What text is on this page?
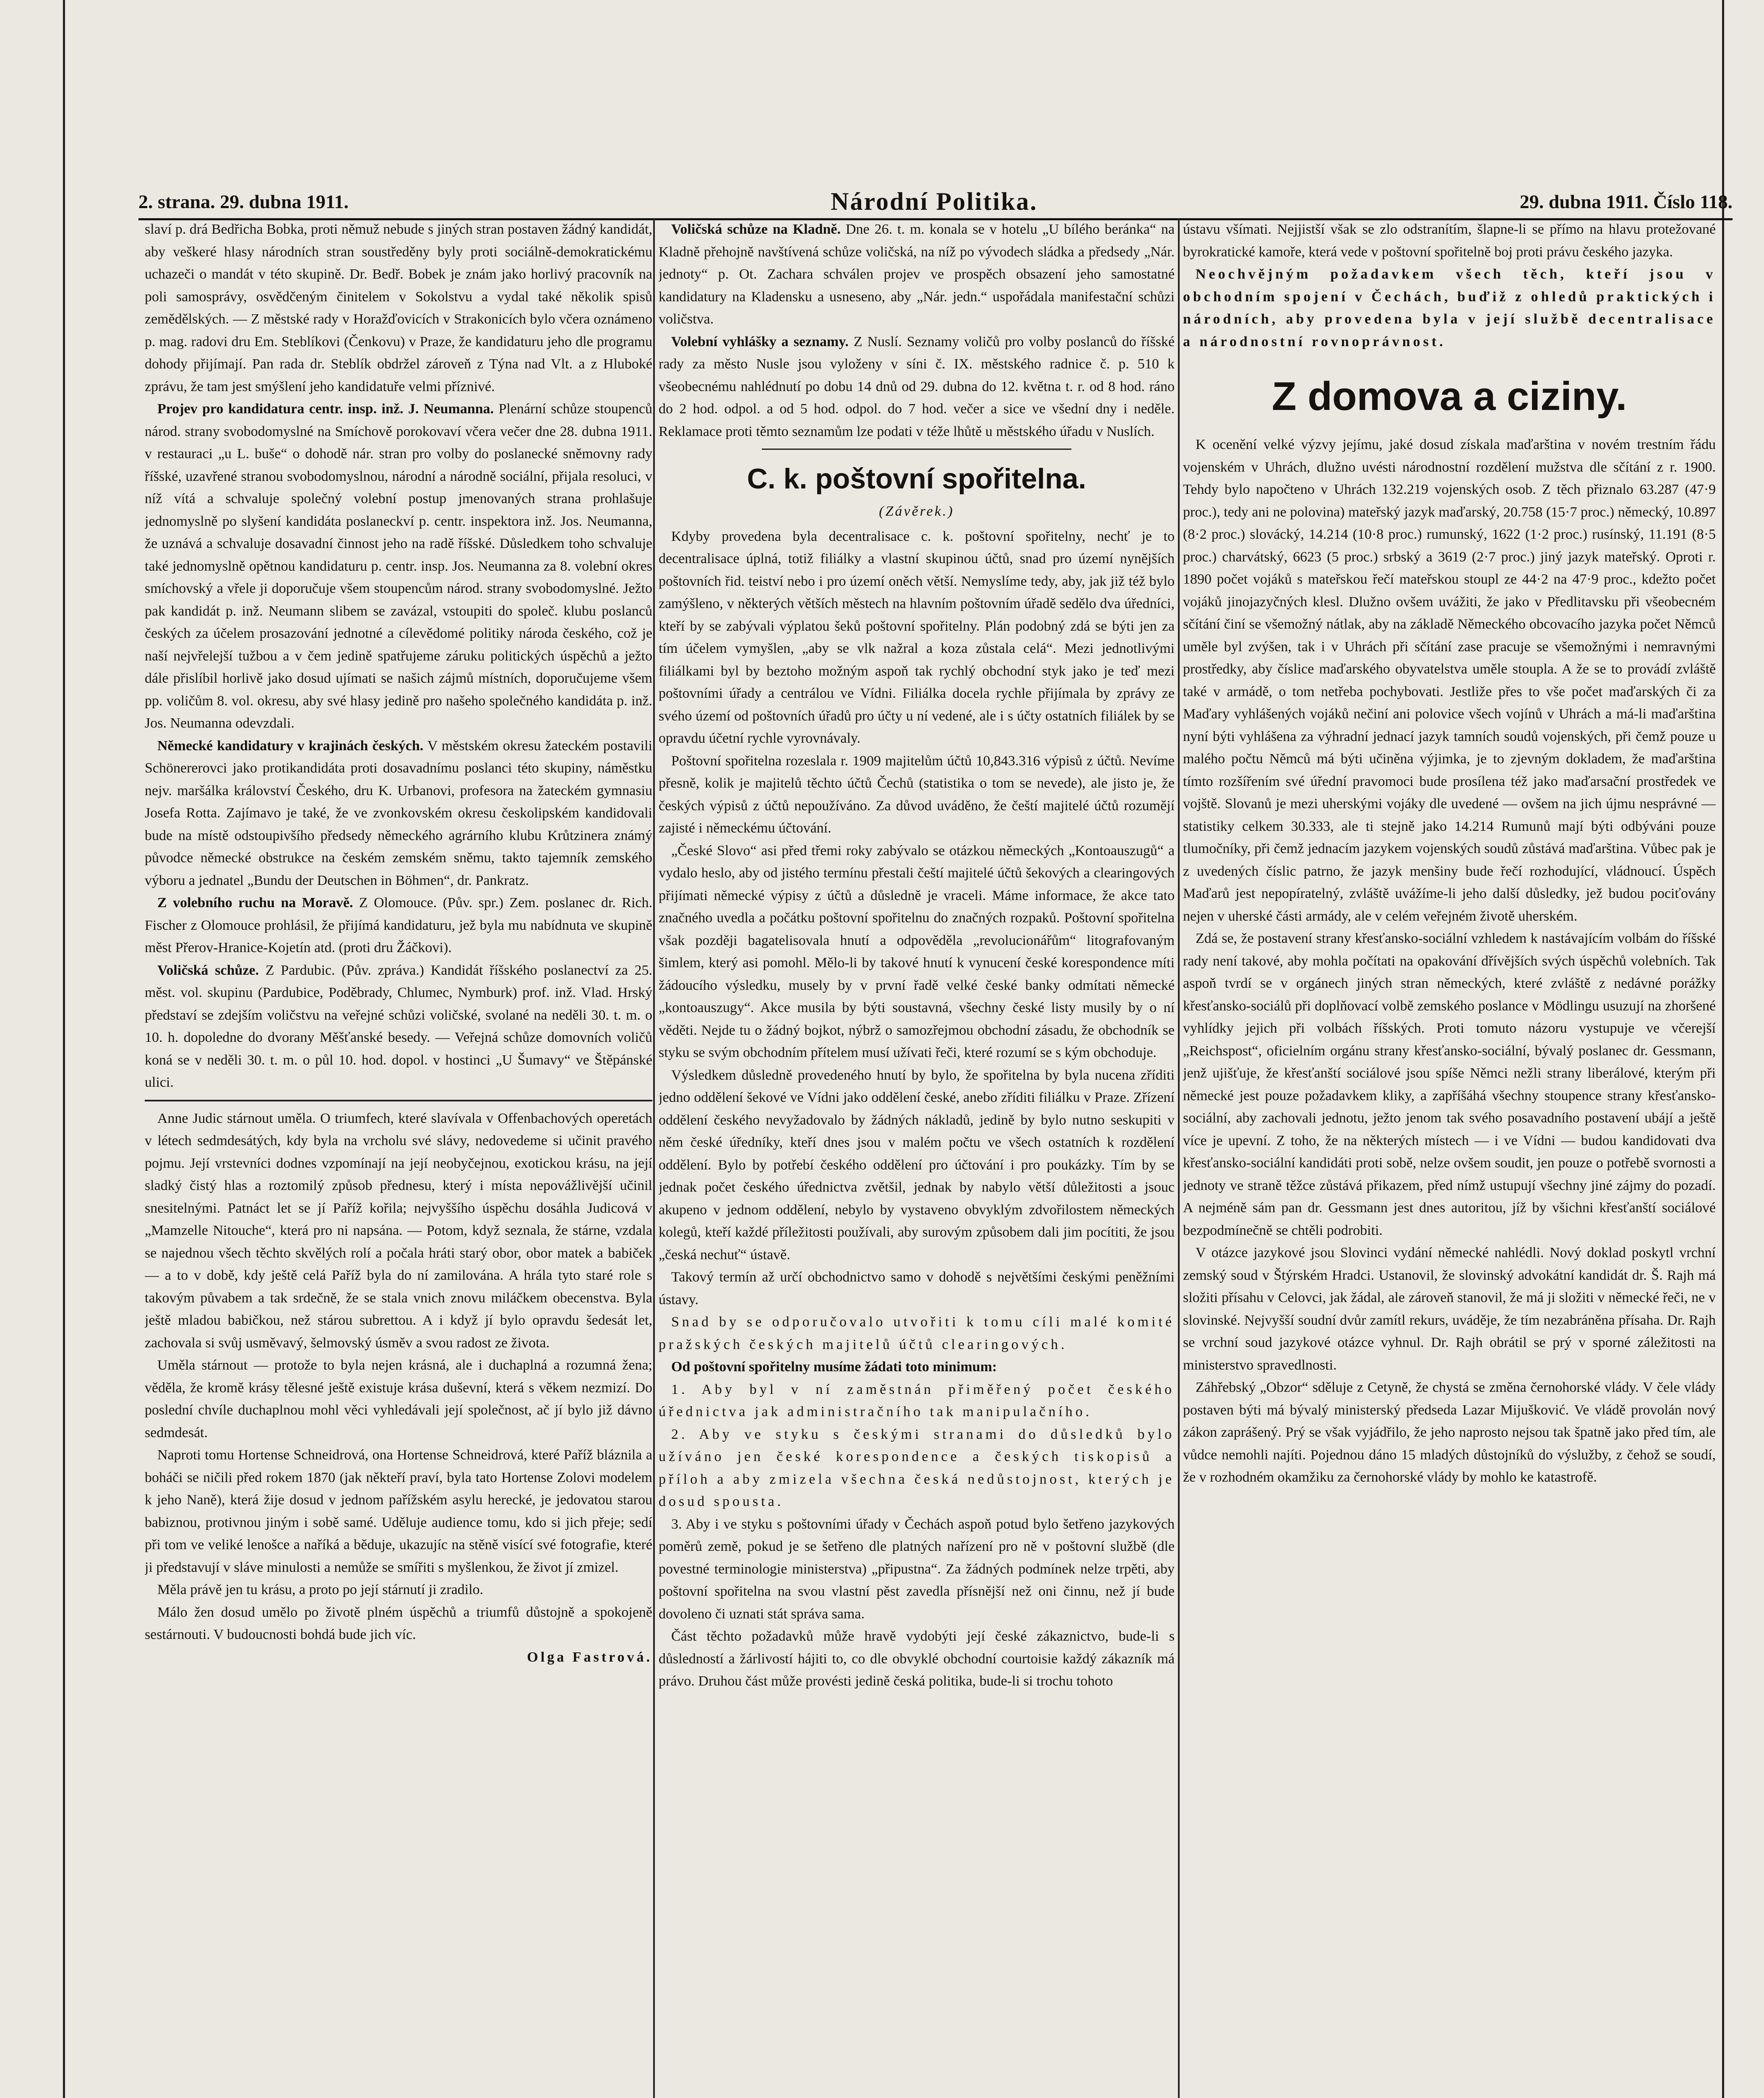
2. strana. 29. dubna 1911.	Národní Politika.	29. dubna 1911. Číslo 118.

slaví p. drá Bedřicha Bobka, proti němuž nebude s jiných stran postaven žádný kandidát, aby veškeré hlasy národních stran soustředěny byly proti sociálně-demokratickému uchazeči o mandát v této skupině. Dr. Bedř. Bobek je znám jako horlivý pracovník na poli samosprávy, osvědčeným činitelem v Sokolstvu a vydal také několik spisů zemědělských. — Z městské rady v Horažďovicích v Strakonicích bylo včera oznámeno p. mag. radovi dru Em. Steblíkovi (Čenkovu) v Praze, že kandidaturu jeho dle programu dohody přijímají. Pan rada dr. Steblík obdržel zároveň z Týna nad Vlt. a z Hluboké zprávu, že tam jest smýšlení jeho kandidatuře velmi příznivé.

Projev pro kandidatura centr. insp. inž. J. Neumanna. Plenární schůze stoupenců národ. strany svobodomyslné na Smíchově porokovaví včera večer dne 28. dubna 1911. v restauraci „u L. buše“ o dohodě nár. stran pro volby do poslanecké sněmovny rady říšské, uzavřené stranou svobodomyslnou, národní a národně sociální, přijala resoluci, v níž vítá a schvaluje společný volební postup jmenovaných strana prohlašuje jednomyslně po slyšení kandidáta poslaneckví p. centr. inspektora inž. Jos. Neumanna, že uznává a schvaluje dosavadní činnost jeho na radě říšské. Důsledkem toho schvaluje také jednomyslně opětnou kandidaturu p. centr. insp. Jos. Neumanna za 8. volební okres smíchovský a vřele ji doporučuje všem stoupencům národ. strany svobodomyslné. Ježto pak kandidát p. inž. Neumann slibem se zavázal, vstoupiti do společ. klubu poslanců českých za účelem prosazování jednotné a cílevědomé politiky národa českého, což je naší nejvřelejší tužbou a v čem jedině spatřujeme záruku politických úspěchů a ježto dále přislíbil horlivě jako dosud ujímati se našich zájmů místních, doporučujeme všem pp. voličům 8. vol. okresu, aby své hlasy jedině pro našeho společného kandidáta p. inž. Jos. Neumanna odevzdali.

Německé kandidatury v krajinách českých. V městském okresu žateckém postavili Schönererovci jako protikandidáta proti dosavadnímu poslanci této skupiny, náměstku nejv. maršálka království Českého, dru K. Urbanovi, profesora na žateckém gymnasiu Josefa Rotta. Zajímavo je také, že ve zvonkovském okresu českolipském kandidovali bude na místě odstoupivšího předsedy německého agrárního klubu Krůtzinera známý původce německé obstrukce na českém zemském sněmu, takto tajemník zemského výboru a jednatel „Bundu der Deutschen in Böhmen“, dr. Pankratz.

Z volebního ruchu na Moravě. Z Olomouce. (Pův. spr.) Zem. poslanec dr. Rich. Fischer z Olomouce prohlásil, že přijímá kandidaturu, jež byla mu nabídnuta ve skupině měst Přerov-Hranice-Kojetín atd. (proti dru Žáčkovi).

Voličská schůze. Z Pardubic. (Pův. zpráva.) Kandidát říšského poslanectví za 25. měst. vol. skupinu (Pardubice, Poděbrady, Chlumec, Nymburk) prof. inž. Vlad. Hrský představí se zdejším voličstvu na veřejné schůzi voličské, svolané na neděli 30. t. m. o 10. h. dopoledne do dvorany Měšťanské besedy. — Veřejná schůze domovních voličů koná se v neděli 30. t. m. o půl 10. hod. dopol. v hostinci „U Šumavy“ ve Štěpánské ulici.

Anne Judic stárnout uměla. O triumfech, které slavívala v Offenbachových operetách v létech sedmdesátých, kdy byla na vrcholu své slávy, nedovedeme si učinit pravého pojmu. Její vrstevníci dodnes vzpomínají na její neobyčejnou, exotickou krásu, na její sladký čistý hlas a roztomilý způsob přednesu, který i místa nepovážlivější učinil snesitelnými. Patnáct let se jí Paříž kořila; nejvyššího úspěchu dosáhla Judicová v „Mamzelle Nitouche“, která pro ni napsána. — Potom, když seznala, že stárne, vzdala se najednou všech těchto skvělých rolí a počala hráti starý obor, obor matek a babiček — a to v době, kdy ještě celá Paříž byla do ní zamilována. A hrála tyto staré role s takovým půvabem a tak srdečně, že se stala vnich znovu miláčkem obecenstva. Byla ještě mladou babičkou, než stárou subrettou. A i když jí bylo opravdu šedesát let, zachovala si svůj usměvavý, šelmovský úsměv a svou radost ze života.

Uměla stárnout — protože to byla nejen krásná, ale i duchaplná a rozumná žena; věděla, že kromě krásy tělesné ještě existuje krása duševní, která s věkem nezmizí. Do poslední chvíle duchaplnou mohl věci vyhledávali její společnost, ač jí bylo již dávno sedmdesát.

Naproti tomu Hortense Schneidrová, ona Hortense Schneidrová, které Paříž bláznila a boháči se ničili před rokem 1870 (jak někteří praví, byla tato Hortense Zolovi modelem k jeho Naně), která žije dosud v jednom pařížském asylu herecké, je jedovatou starou babiznou, protivnou jiným i sobě samé. Uděluje audience tomu, kdo si jich přeje; sedí při tom ve veliké lenošce a naříká a běduje, ukazujíc na stěně visící své fotografie, které ji představují v sláve minulosti a nemůže se smířiti s myšlenkou, že život jí zmizel.

Měla právě jen tu krásu, a proto po její stárnutí ji zradilo.

Málo žen dosud umělo po životě plném úspěchů a triumfů důstojně a spokojeně sestárnouti. V budoucnosti bohdá bude jich víc.

Olga Fastrová.

Voličská schůze na Kladně. Dne 26. t. m. konala se v hotelu „U bílého beránka“ na Kladně přehojně navštívená schůze voličská, na níž po vývodech sládka a předsedy „Nár. jednoty“ p. Ot. Zachara schválen projev ve prospěch obsazení jeho samostatné kandidatury na Kladensku a usneseno, aby „Nár. jedn.“ uspořádala manifestační schůzi voličstva.

Volební vyhlášky a seznamy. Z Nuslí. Seznamy voličů pro volby poslanců do říšské rady za město Nusle jsou vyloženy v síni č. IX. městského radnice č. p. 510 k všeobecnému nahlédnutí po dobu 14 dnů od 29. dubna do 12. května t. r. od 8 hod. ráno do 2 hod. odpol. a od 5 hod. odpol. do 7 hod. večer a sice ve všední dny i neděle. Reklamace proti těmto seznamům lze podati v téže lhůtě u městského úřadu v Nuslích.

C. k. poštovní spořitelna.
(Závěrek.)

Kdyby provedena byla decentralisace c. k. poštovní spořitelny, nechť je to decentralisace úplná, totiž filiálky a vlastní skupinou účtů, snad pro území nynějších poštovních řid. teiství nebo i pro území oněch větší. Nemyslíme tedy, aby, jak již též bylo zamýšleno, v některých větších městech na hlavním poštovním úřadě sedělo dva úředníci, kteří by se zabývali výplatou šeků poštovní spořitelny. Plán podobný zdá se býti jen za tím účelem vymyšlen, „aby se vlk nažral a koza zůstala celá“. Mezi jednotlivými filiálkami byl by beztoho možným aspoň tak rychlý obchodní styk jako je teď mezi poštovními úřady a centrálou ve Vídni. Filiálka docela rychle přijímala by zprávy ze svého území od poštovních úřadů pro účty u ní vedené, ale i s účty ostatních filiálek by se opravdu účetní rychle vyrovnávaly.

Poštovní spořitelna rozeslala r. 1909 majitelům účtů 10,843.316 výpisů z účtů. Nevíme přesně, kolik je majitelů těchto účtů Čechů (statistika o tom se nevede), ale jisto je, že českých výpisů z účtů nepoužíváno. Za důvod uváděno, že čeští majitelé účtů rozumějí zajisté i německému účtování.

„České Slovo“ asi před třemi roky zabývalo se otázkou německých „Kontoauszugů“ a vydalo heslo, aby od jistého termínu přestali čeští majitelé účtů šekových a clearingových přijímati německé výpisy z účtů a důsledně je vraceli. Máme informace, že akce tato značného uvedla a počátku poštovní spořitelnu do značných rozpaků. Poštovní spořitelna však později bagatelisovala hnutí a odpověděla „revolucionářům“ litografovaným šimlem, který asi pomohl. Mělo-li by takové hnutí k vynucení české korespondence míti žádoucího výsledku, musely by v první řadě velké české banky odmítati německé „kontoauszugy“. Akce musila by býti soustavná, všechny české listy musily by o ní věděti. Nejde tu o žádný bojkot, nýbrž o samozřejmou obchodní zásadu, že obchodník se styku se svým obchodním přítelem musí užívati řeči, které rozumí se s kým obchoduje.

Výsledkem důsledně provedeného hnutí by bylo, že spořitelna by byla nucena zříditi jedno oddělení šekové ve Vídni jako oddělení české, anebo zříditi filiálku v Praze. Zřízení oddělení českého nevyžadovalo by žádných nákladů, jedině by bylo nutno seskupiti v něm české úředníky, kteří dnes jsou v malém počtu ve všech ostatních k rozdělení oddělení. Bylo by potřebí českého oddělení pro účtování i pro poukázky. Tím by se jednak počet českého úřednictva zvětšil, jednak by nabylo větší důležitosti a jsouc akupeno v jednom oddělení, nebylo by vystaveno obvyklým zdvořilostem německých kolegů, kteří každé příležitosti používali, aby surovým způsobem dali jim pocítiti, že jsou „česká nechuť“ ústavě.

Takový termín až určí obchodnictvo samo v dohodě s největšími českými peněžními ústavy.

Snad by se odporučovalo utvořiti k tomu cíli malé komité pražských českých majitelů účtů clearingových.

Od poštovní spořitelny musíme žádati toto minimum:

1. Aby byl v ní zaměstnán přiměřený počet českého úřednictva jak administračního tak manipulačního.

2. Aby ve styku s českými stranami do důsledků bylo užíváno jen české korespondence a českých tiskopisů a příloh a aby zmizela všechna česká nedůstojnost, kterých je dosud spousta.

3. Aby i ve styku s poštovními úřady v Čechách aspoň potud bylo šetřeno jazykových poměrů země, pokud je se šetřeno dle platných nařízení pro ně v poštovní službě (dle povestné terminologie ministerstva) „připustna“. Za žádných podmínek nelze trpěti, aby poštovní spořitelna na svou vlastní pěst zavedla přísnější než oni činnu, než jí bude dovoleno či uznati stát správa sama.

Část těchto požadavků může hravě vydobýti její české zákaznictvo, bude-li s důsledností a žárlivostí hájiti to, co dle obvyklé obchodní courtoisie každý zákazník má právo. Druhou část může provésti jedině česká politika, bude-li si trochu tohoto

ústavu všímati. Nejjistší však se zlo odstranítím, šlapne-li se přímo na hlavu protežované byrokratické kamoře, která vede v poštovní spořitelně boj proti právu českého jazyka.

Neochvějným požadavkem všech těch, kteří jsou v obchodním spojení v Čechách, buďiž z ohledů praktických i národních, aby provedena byla v její službě decentralisace a národnostní rovnoprávnost.

Z domova a ciziny.

K ocenění velké výzvy jejímu, jaké dosud získala maďarština v novém trestním řádu vojenském v Uhrách, dlužno uvésti národnostní rozdělení mužstva dle sčítání z r. 1900. Tehdy bylo napočteno v Uhrách 132.219 vojenských osob. Z těch přiznalo 63.287 (47·9 proc.), tedy ani ne polovina) mateřský jazyk maďarský, 20.758 (15·7 proc.) německý, 10.897 (8·2 proc.) slovácký, 14.214 (10·8 proc.) rumunský, 1622 (1·2 proc.) rusínský, 11.191 (8·5 proc.) charvátský, 6623 (5 proc.) srbský a 3619 (2·7 proc.) jiný jazyk mateřský. Oproti r. 1890 počet vojáků s mateřskou řečí mateřskou stoupl ze 44·2 na 47·9 proc., kdežto počet vojáků jinojazyčných klesl. Dlužno ovšem uvážiti, že jako v Předlitavsku při všeobecném sčítání činí se všemožný nátlak, aby na základě Německého obcovacího jazyka počet Němců uměle byl zvýšen, tak i v Uhrách při sčítání zase pracuje se všemožnými i nemravnými prostředky, aby číslice maďarského obyvatelstva uměle stoupla. A že se to provádí zvláště také v armádě, o tom netřeba pochybovati. Jestliže přes to vše počet maďarských či za Maďary vyhlášených vojáků nečiní ani polovice všech vojínů v Uhrách a má-li maďarština nyní býti vyhlášena za výhradní jednací jazyk tamních soudů vojenských, při čemž pouze u malého počtu Němců má býti učiněna výjimka, je to zjevným dokladem, že maďarština tímto rozšířením své úřední pravomoci bude prosílena též jako maďarsační prostředek ve vojště. Slovanů je mezi uherskými vojáky dle uvedené — ovšem na jich újmu nesprávné — statistiky celkem 30.333, ale ti stejně jako 14.214 Rumunů mají býti odbýváni pouze tlumočníky, při čemž jednacím jazykem vojenských soudů zůstává maďarština. Vůbec pak je z uvedených číslic patrno, že jazyk menšiny bude řečí rozhodující, vládnoucí. Úspěch Maďarů jest nepopíratelný, zvláště uvážíme-li jeho další důsledky, jež budou pociťovány nejen v uherské části armády, ale v celém veřejném životě uherském.

Zdá se, že postavení strany křesťansko-sociální vzhledem k nastávajícím volbám do říšské rady není takové, aby mohla počítati na opakování dřívějších svých úspěchů volebních. Tak aspoň tvrdí se v orgánech jiných stran německých, které zvláště z nedávné porážky křesťansko-sociálů při doplňovací volbě zemského poslance v Mödlingu usuzují na zhoršené vyhlídky jejich při volbách říšských. Proti tomuto názoru vystupuje ve včerejší „Reichspost“, oficielním orgánu strany křesťansko-sociální, bývalý poslanec dr. Gessmann, jenž ujišťuje, že křesťanští sociálové jsou spíše Němci nežli strany liberálové, kterým při německé jest pouze požadavkem kliky, a zapříšáhá všechny stoupence strany křesťansko-sociální, aby zachovali jednotu, ježto jenom tak svého posavadního postavení ubájí a ještě více je upevní. Z toho, že na některých místech — i ve Vídni — budou kandidovati dva křesťansko-sociální kandidáti proti sobě, nelze ovšem soudit, jen pouze o potřebě svornosti a jednoty ve straně těžce zůstává přikazem, před nímž ustupují všechny jiné zájmy do pozadí. A nejméně sám pan dr. Gessmann jest dnes autoritou, jíž by všichni křesťanští sociálové bezpodmínečně se chtěli podrobiti.

V otázce jazykové jsou Slovinci vydání německé nahlédli. Nový doklad poskytl vrchní zemský soud v Štýrském Hradci. Ustanovil, že slovinský advokátní kandidát dr. Š. Rajh má složiti přísahu v Celovci, jak žádal, ale zároveň stanovil, že má ji složiti v německé řeči, ne v slovinské. Nejvyšší soudní dvůr zamítl rekurs, uváděje, že tím nezabráněna přísaha. Dr. Rajh se vrchní soud jazykové otázce vyhnul. Dr. Rajh obrátil se prý v sporné záležitosti na ministerstvo spravedlnosti.

Záhřebský „Obzor“ sděluje z Cetyně, že chystá se změna černohorské vlády. V čele vlády postaven býti má bývalý ministerský předseda Lazar Mijušković. Ve vládě provolán nový zákon zaprášený. Prý se však vyjádřilo, že jeho naprosto nejsou tak špatně jako před tím, ale vůdce nemohli najíti. Pojednou dáno 15 mladých důstojníků do výslužby, z čehož se soudí, že v rozhodném okamžiku za černohorské vlády by mohlo ke katastrofě.
